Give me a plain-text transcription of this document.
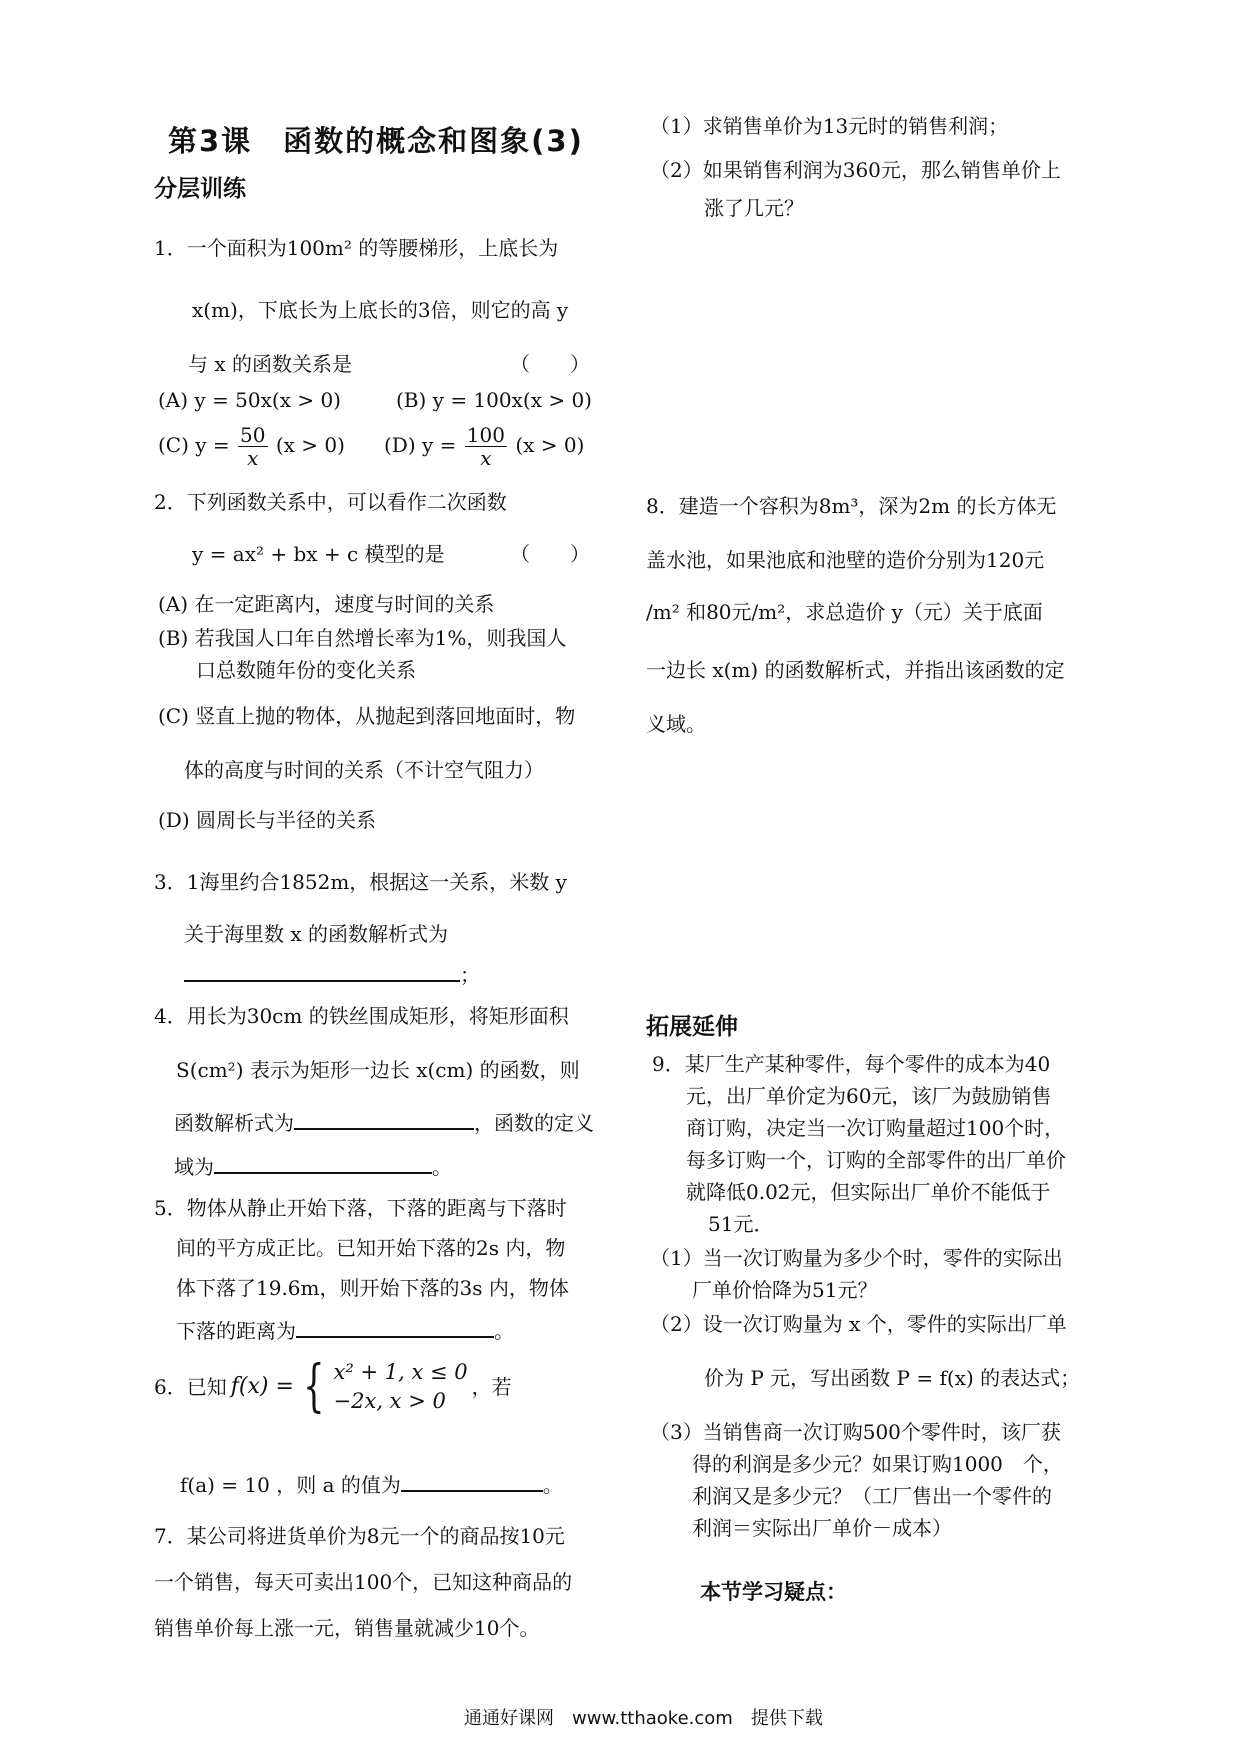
第3课　函数的概念和图象(3)
分层训练
1．一个面积为100m² 的等腰梯形，上底长为
x(m)，下底长为上底长的3倍，则它的高 y
与 x 的函数关系是	（　　）
(A) y = 50x(x > 0)	(B) y = 100x(x > 0)
(C) $y = \frac{50}{x} (x > 0)$ (D) $y = \frac{100}{x} (x > 0)$
2．下列函数关系中，可以看作二次函数
y = ax² + bx + c 模型的是	（　　）
(A) 在一定距离内，速度与时间的关系
(B) 若我国人口年自然增长率为1%，则我国人
口总数随年份的变化关系
(C) 竖直上抛的物体，从抛起到落回地面时，物
体的高度与时间的关系（不计空气阻力）
(D) 圆周长与半径的关系
3．1海里约合1852m，根据这一关系，米数 y
关于海里数 x 的函数解析式为
；
4．用长为30cm 的铁丝围成矩形，将矩形面积
S(cm²) 表示为矩形一边长 x(cm) 的函数，则
函数解析式为	，函数的定义
域为	。
5．物体从静止开始下落，下落的距离与下落时
间的平方成正比。已知开始下落的2s 内，物
体下落了19.6m，则开始下落的3s 内，物体
下落的距离为	。
6．已知 f(x) = { x² + 1, x ≤ 0
−2x, x > 0
，若
f(a) = 10 ，则 a 的值为	。
7．某公司将进货单价为8元一个的商品按10元
一个销售，每天可卖出100个，已知这种商品的
销售单价每上涨一元，销售量就减少10个。
（1）求销售单价为13元时的销售利润；
（2）如果销售利润为360元，那么销售单价上
涨了几元？
8．建造一个容积为8m³，深为2m 的长方体无
盖水池，如果池底和池壁的造价分别为120元
/m² 和80元/m²，求总造价 y（元）关于底面
一边长 x(m) 的函数解析式，并指出该函数的定
义域。
拓展延伸
9．某厂生产某种零件，每个零件的成本为40
元，出厂单价定为60元，该厂为鼓励销售
商订购，决定当一次订购量超过100个时，
每多订购一个，订购的全部零件的出厂单价
就降低0.02元，但实际出厂单价不能低于
51元．
（1）当一次订购量为多少个时，零件的实际出
厂单价恰降为51元？
（2）设一次订购量为 x 个，零件的实际出厂单
价为 P 元，写出函数 P = f(x) 的表达式；
（3）当销售商一次订购500个零件时，该厂获
得的利润是多少元？如果订购1000　个，
利润又是多少元？（工厂售出一个零件的
利润＝实际出厂单价－成本）
本节学习疑点：
通通好课网　www.tthaoke.com　提供下载
